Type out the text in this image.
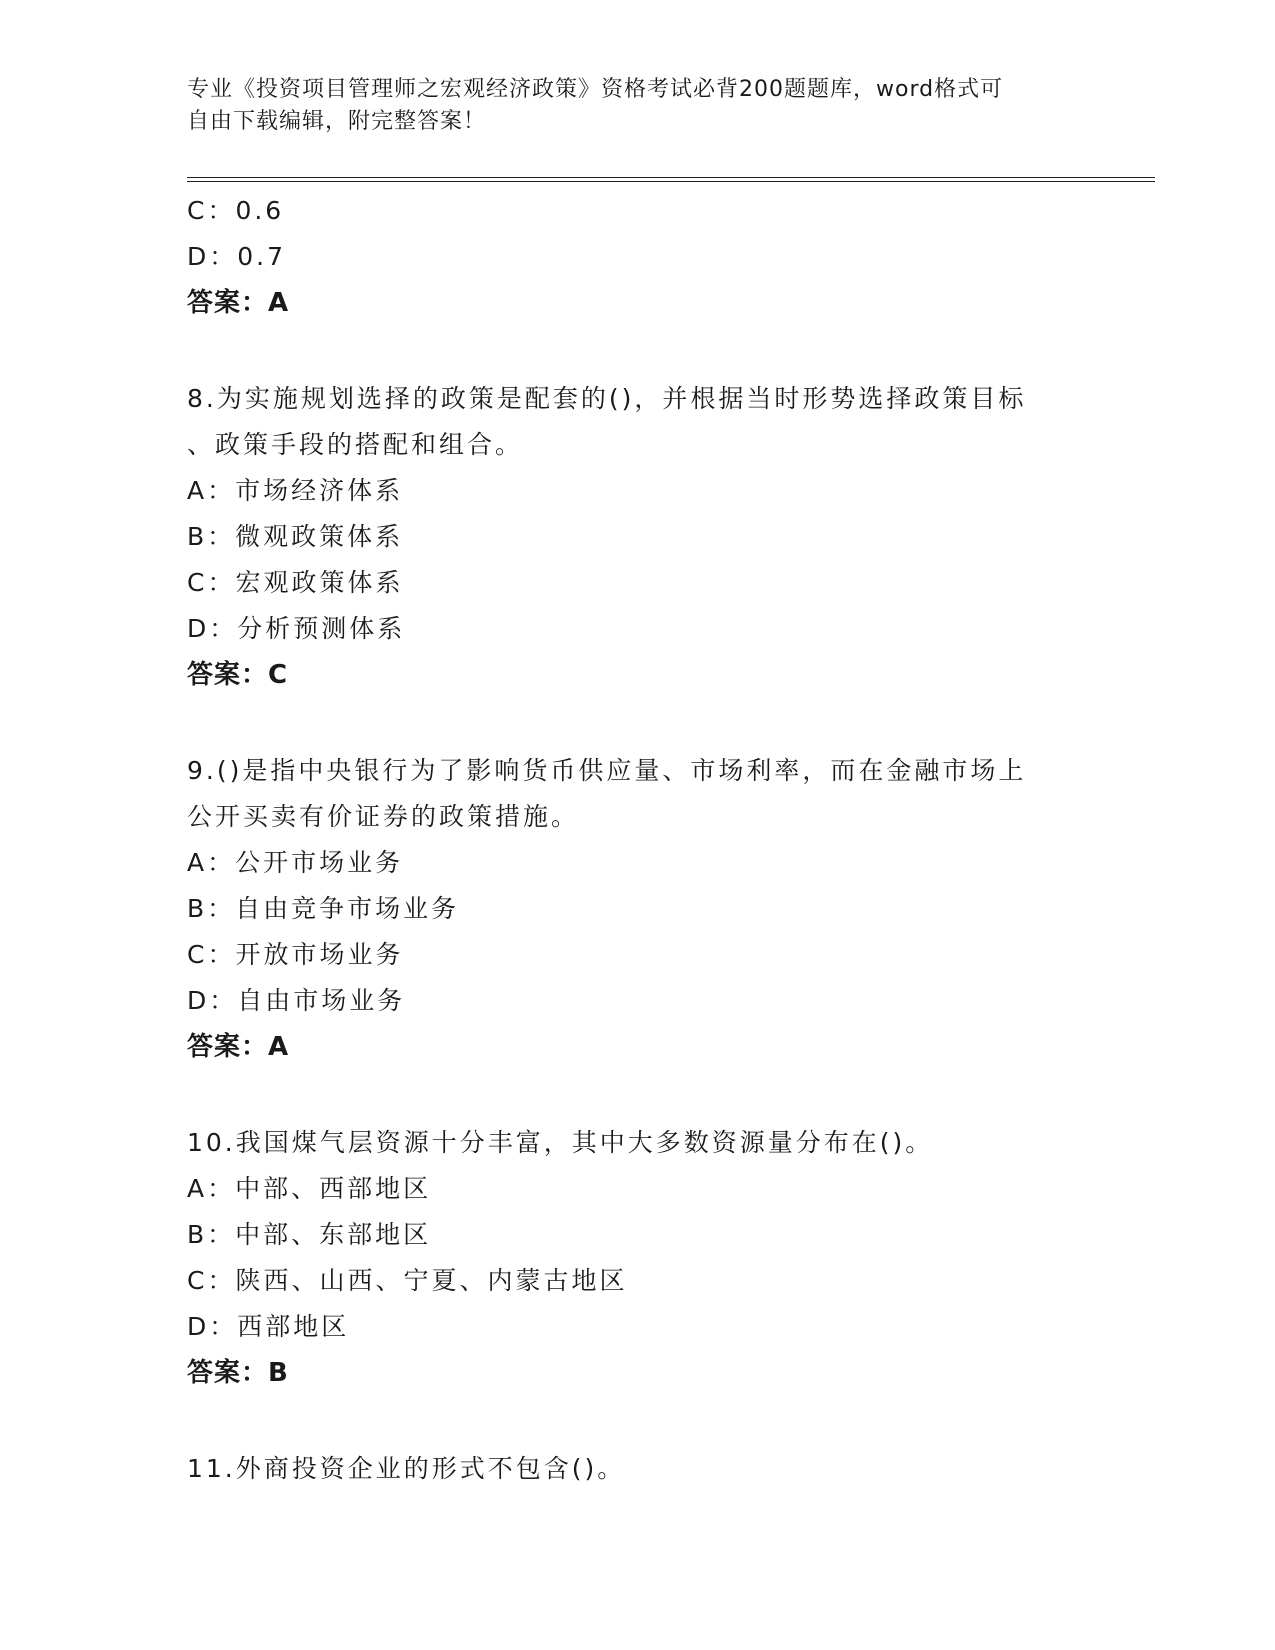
专业《投资项目管理师之宏观经济政策》资格考试必背200题题库，word格式可
自由下载编辑，附完整答案！
C：0.6
D：0.7
答案：A
8.为实施规划选择的政策是配套的()，并根据当时形势选择政策目标
、政策手段的搭配和组合。
A：市场经济体系
B：微观政策体系
C：宏观政策体系
D：分析预测体系
答案：C
9.()是指中央银行为了影响货币供应量、市场利率，而在金融市场上
公开买卖有价证券的政策措施。
A：公开市场业务
B：自由竞争市场业务
C：开放市场业务
D：自由市场业务
答案：A
10.我国煤气层资源十分丰富，其中大多数资源量分布在()。
A：中部、西部地区
B：中部、东部地区
C：陕西、山西、宁夏、内蒙古地区
D：西部地区
答案：B
11.外商投资企业的形式不包含()。
